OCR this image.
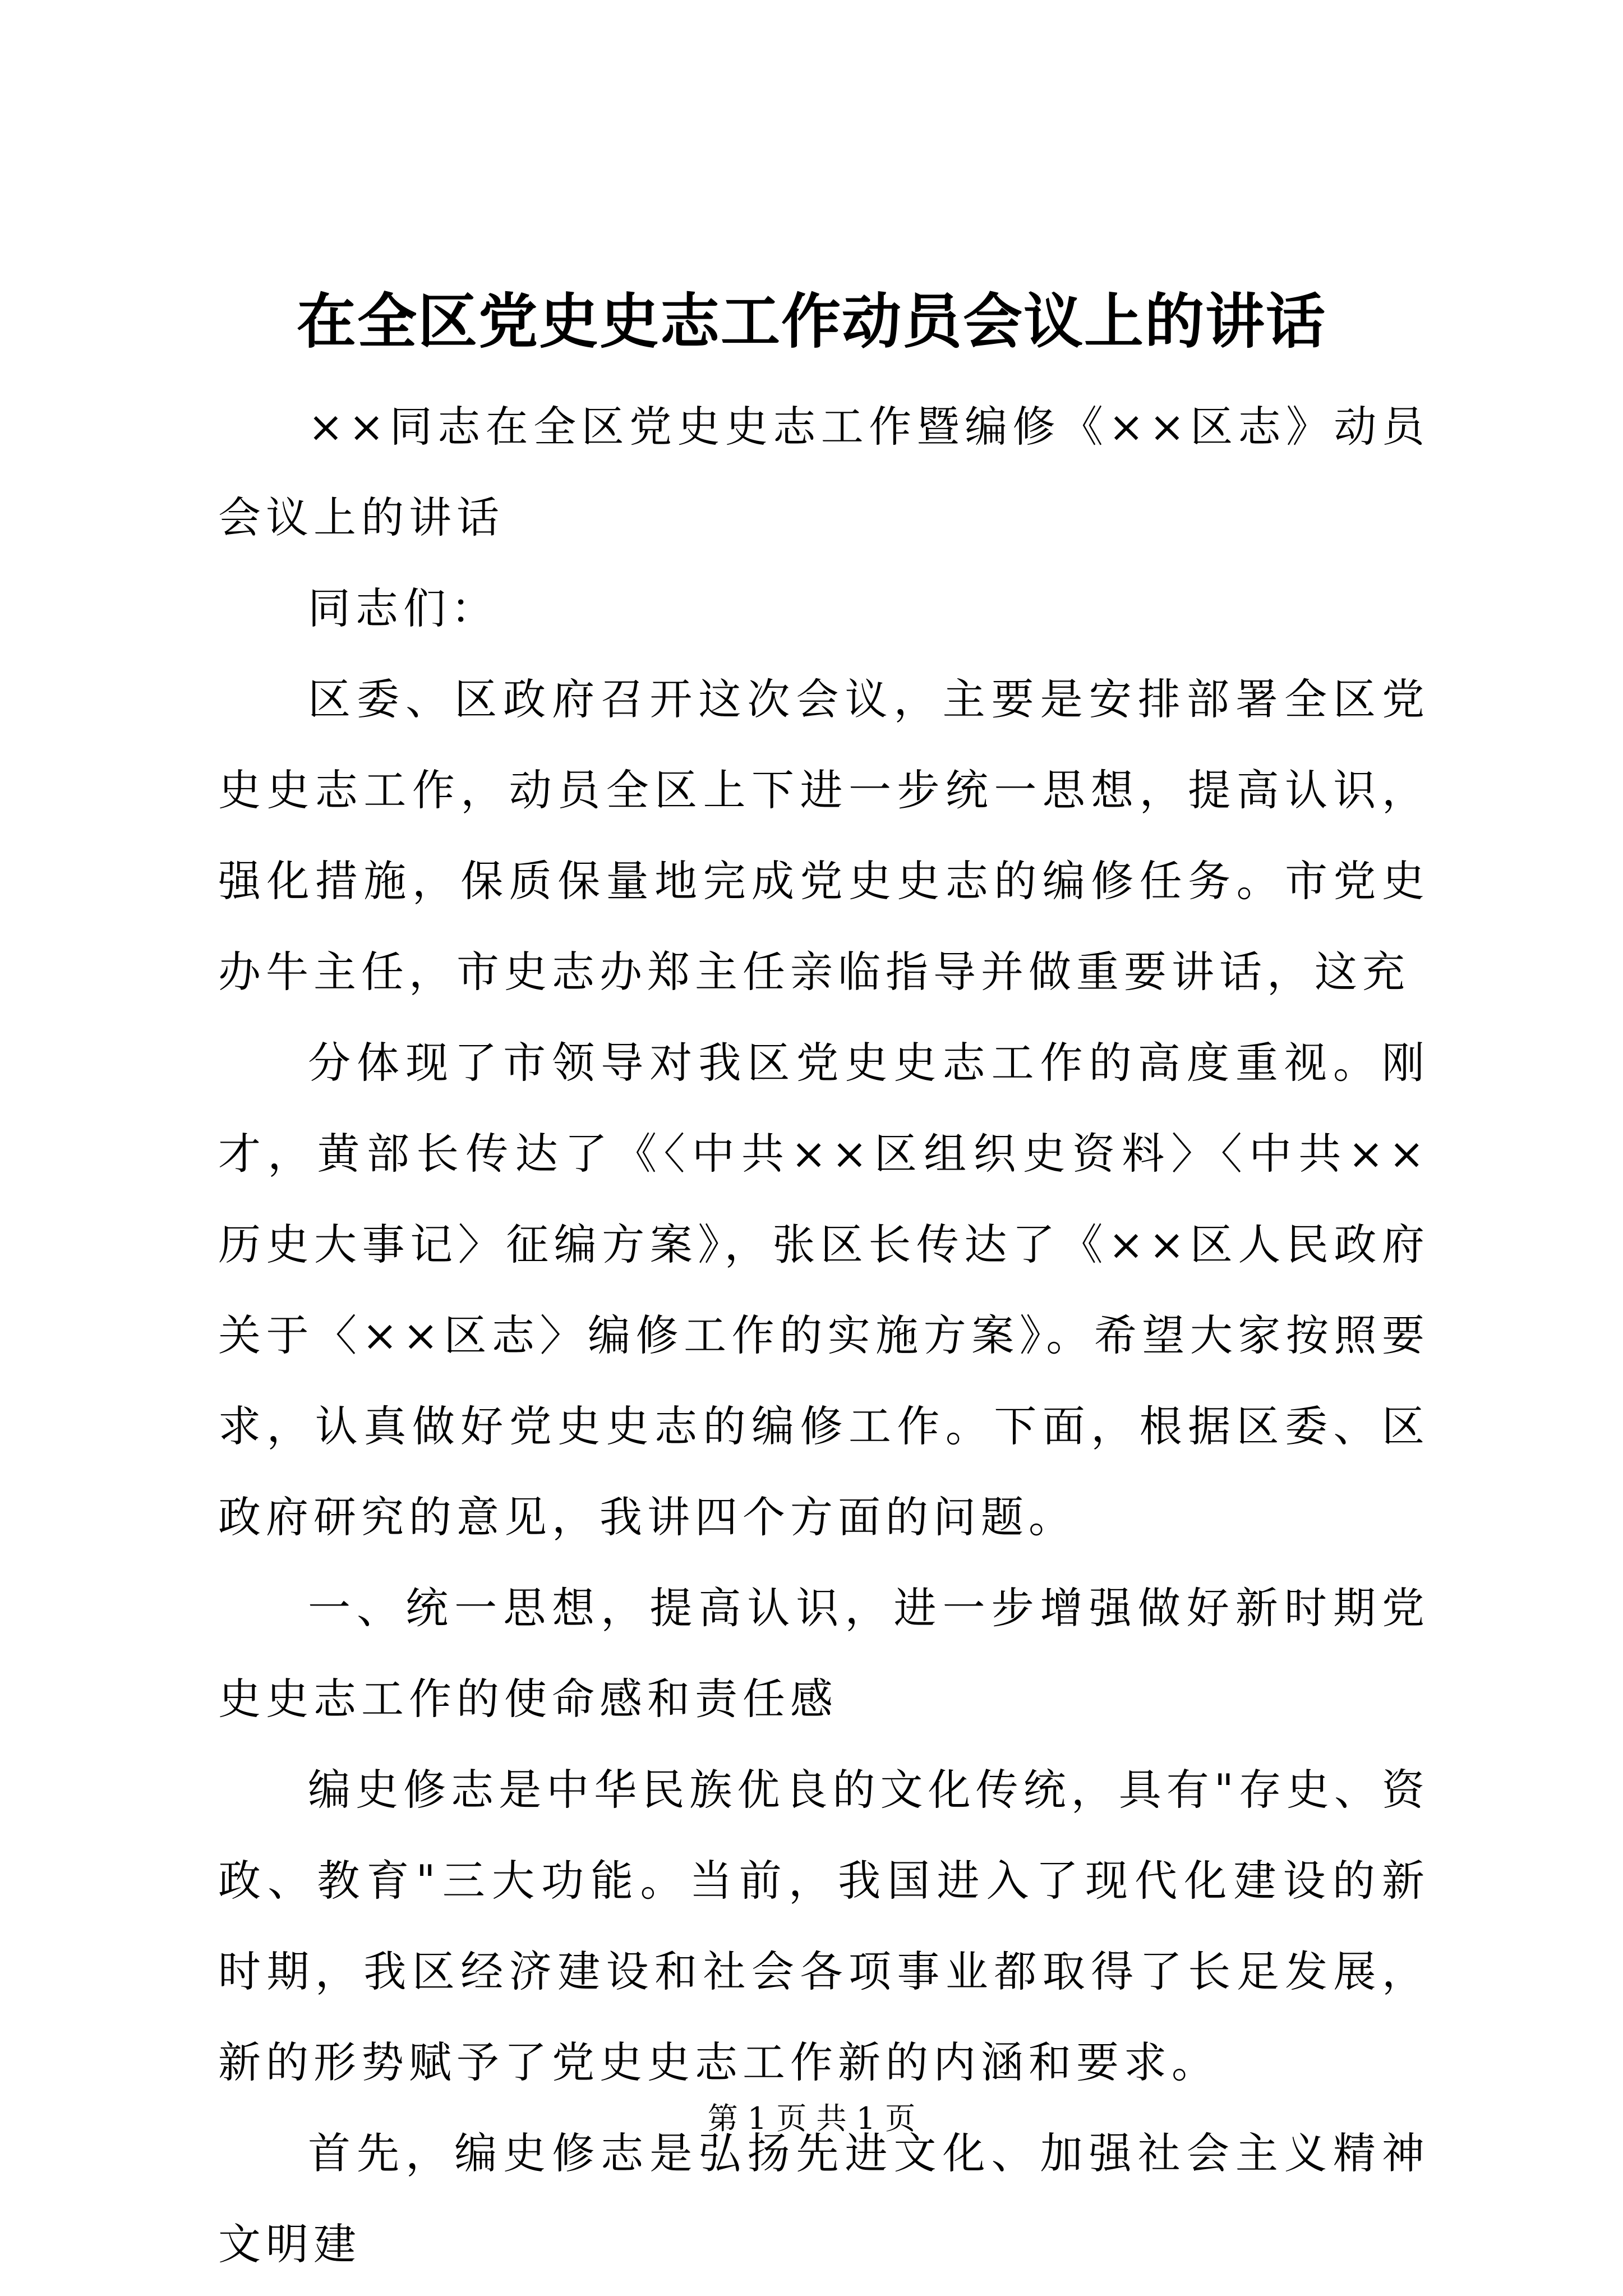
在全区党史史志工作动员会议上的讲话

××同志在全区党史史志工作暨编修《××区志》动员会议上的讲话

同志们：

区委、区政府召开这次会议，主要是安排部署全区党史史志工作，动员全区上下进一步统一思想，提高认识，强化措施，保质保量地完成党史史志的编修任务。市党史办牛主任，市史志办郑主任亲临指导并做重要讲话，这充

分体现了市领导对我区党史史志工作的高度重视。刚才，黄部长传达了《〈中共××区组织史资料〉〈中共××历史大事记〉征编方案》，张区长传达了《××区人民政府关于〈××区志〉编修工作的实施方案》。希望大家按照要求，认真做好党史史志的编修工作。下面，根据区委、区政府研究的意见，我讲四个方面的问题。

一、统一思想，提高认识，进一步增强做好新时期党史史志工作的使命感和责任感

编史修志是中华民族优良的文化传统，具有"存史、资政、教育"三大功能。当前，我国进入了现代化建设的新时期，我区经济建设和社会各项事业都取得了长足发展，新的形势赋予了党史史志工作新的内涵和要求。

首先，编史修志是弘扬先进文化、加强社会主义精神文明建

第 1 页 共 1 页
